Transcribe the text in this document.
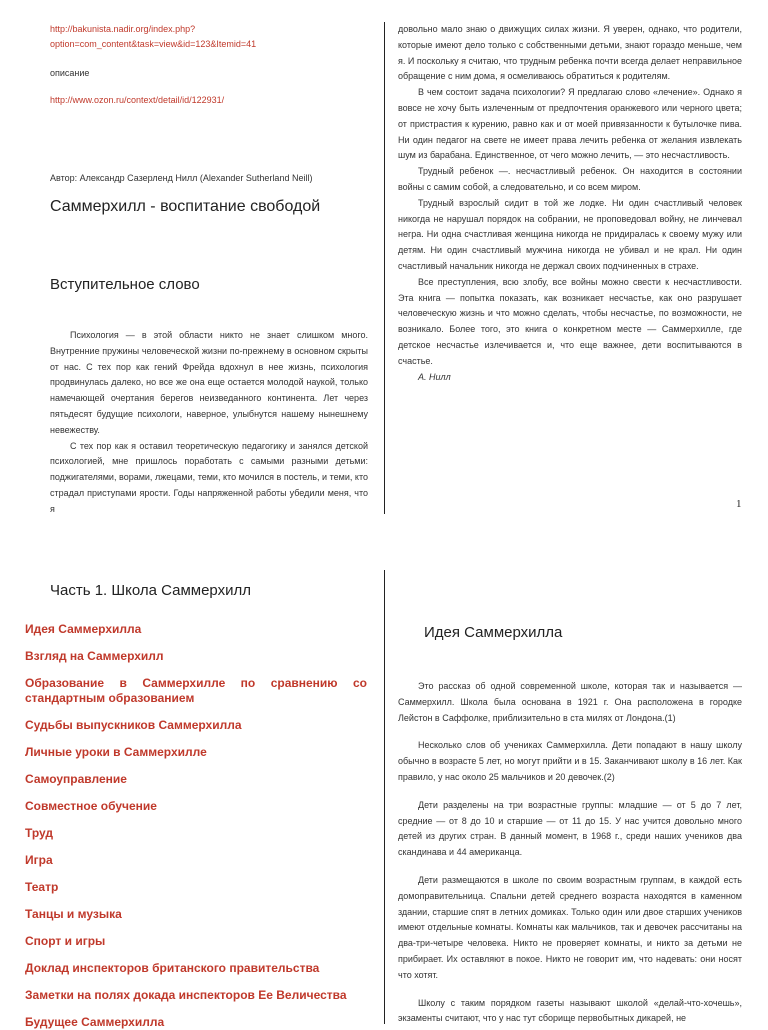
http://bakunista.nadir.org/index.php?option=com_content&task=view&id=123&Itemid=41
описание
http://www.ozon.ru/context/detail/id/122931/
Автор: Александр Сазерленд Нилл (Alexander Sutherland Neill)
Саммерхилл - воспитание свободой
Вступительное слово

Психология — в этой области никто не знает слишком много. Внутренние пружины человеческой жизни по-прежнему в основном скрыты от нас. С тех пор как гений Фрейда вдохнул в нее жизнь, психология продвинулась далеко, но все же она еще остается молодой наукой, только намечающей очертания берегов неизведанного континента. Лет через пятьдесят будущие психологи, наверное, улыбнутся нашему нынешнему невежеству.

С тех пор как я оставил теоретическую педагогику и занялся детской психологией, мне пришлось поработать с самыми разными детьми: поджигателями, ворами, лжецами, теми, кто мочился в постель, и теми, кто страдал приступами ярости. Годы напряженной работы убедили меня, что я

довольно мало знаю о движущих силах жизни. Я уверен, однако, что родители, которые имеют дело только с собственными детьми, знают гораздо меньше, чем я. И поскольку я считаю, что трудным ребенка почти всегда делает неправильное обращение с ним дома, я осмеливаюсь обратиться к родителям.

В чем состоит задача психологии? Я предлагаю слово «лечение». Однако я вовсе не хочу быть излеченным от предпочтения оранжевого или черного цвета; от пристрастия к курению, равно как и от моей привязанности к бутылочке пива. Ни один педагог на свете не имеет права лечить ребенка от желания извлекать шум из барабана. Единственное, от чего можно лечить, — это несчастливость.

Трудный ребенок —. несчастливый ребенок. Он находится в состоянии войны с самим собой, а следовательно, и со всем миром.

Трудный взрослый сидит в той же лодке. Ни один счастливый человек никогда не нарушал порядок на собрании, не проповедовал войну, не линчевал негра. Ни одна счастливая женщина никогда не придиралась к своему мужу или детям. Ни один счастливый мужчина никогда не убивал и не крал. Ни один счастливый начальник никогда не держал своих подчиненных в страхе.

Все преступления, всю злобу, все войны можно свести к несчастливости. Эта книга — попытка показать, как возникает несчастье, как оно разрушает человеческую жизнь и что можно сделать, чтобы несчастье, по возможности, не возникало. Более того, это книга о конкретном месте — Саммерхилле, где детское несчастье излечивается и, что еще важнее, дети воспитываются в счастье.

А. Нилл

1
Часть 1. Школа Саммерхилл
Идея Саммерхилла
Взгляд на Саммерхилл
Образование в Саммерхилле по сравнению со стандартным образованием
Судьбы выпускников Саммерхилла
Личные уроки в Саммерхилле
Самоуправление
Совместное обучение
Труд
Игра
Театр
Танцы и музыка
Спорт и игры
Доклад инспекторов британского правительства
Заметки на полях докада инспекторов Ее Величества
Будущее Саммерхилла
Идея Саммерхилла

Это рассказ об одной современной школе, которая так и называется — Саммерхилл. Школа была основана в 1921 г. Она расположена в городке Лейстон в Саффолке, приблизительно в ста милях от Лондона.(1)

Несколько слов об учениках Саммерхилла. Дети попадают в нашу школу обычно в возрасте 5 лет, но могут прийти и в 15. Заканчивают школу в 16 лет. Как правило, у нас около 25 мальчиков и 20 девочек.(2)

Дети разделены на три возрастные группы: младшие — от 5 до 7 лет, средние — от 8 до 10 и старшие — от 11 до 15. У нас учится довольно много детей из других стран. В данный момент, в 1968 г., среди наших учеников два скандинава и 44 американца.

Дети размещаются в школе по своим возрастным группам, в каждой есть домоправительница. Спальни детей среднего возраста находятся в каменном здании, старшие спят в летних домиках. Только один или двое старших учеников имеют отдельные комнаты. Комнаты как мальчиков, так и девочек рассчитаны на два-три-четыре человека. Никто не проверяет комнаты, и никто за детьми не прибирает. Их оставляют в покое. Никто не говорит им, что надевать: они носят что хотят.

Школу с таким порядком газеты называют школой «делай-что-хочешь», экзаменты считают, что у нас тут сборище первобытных дикарей, не
